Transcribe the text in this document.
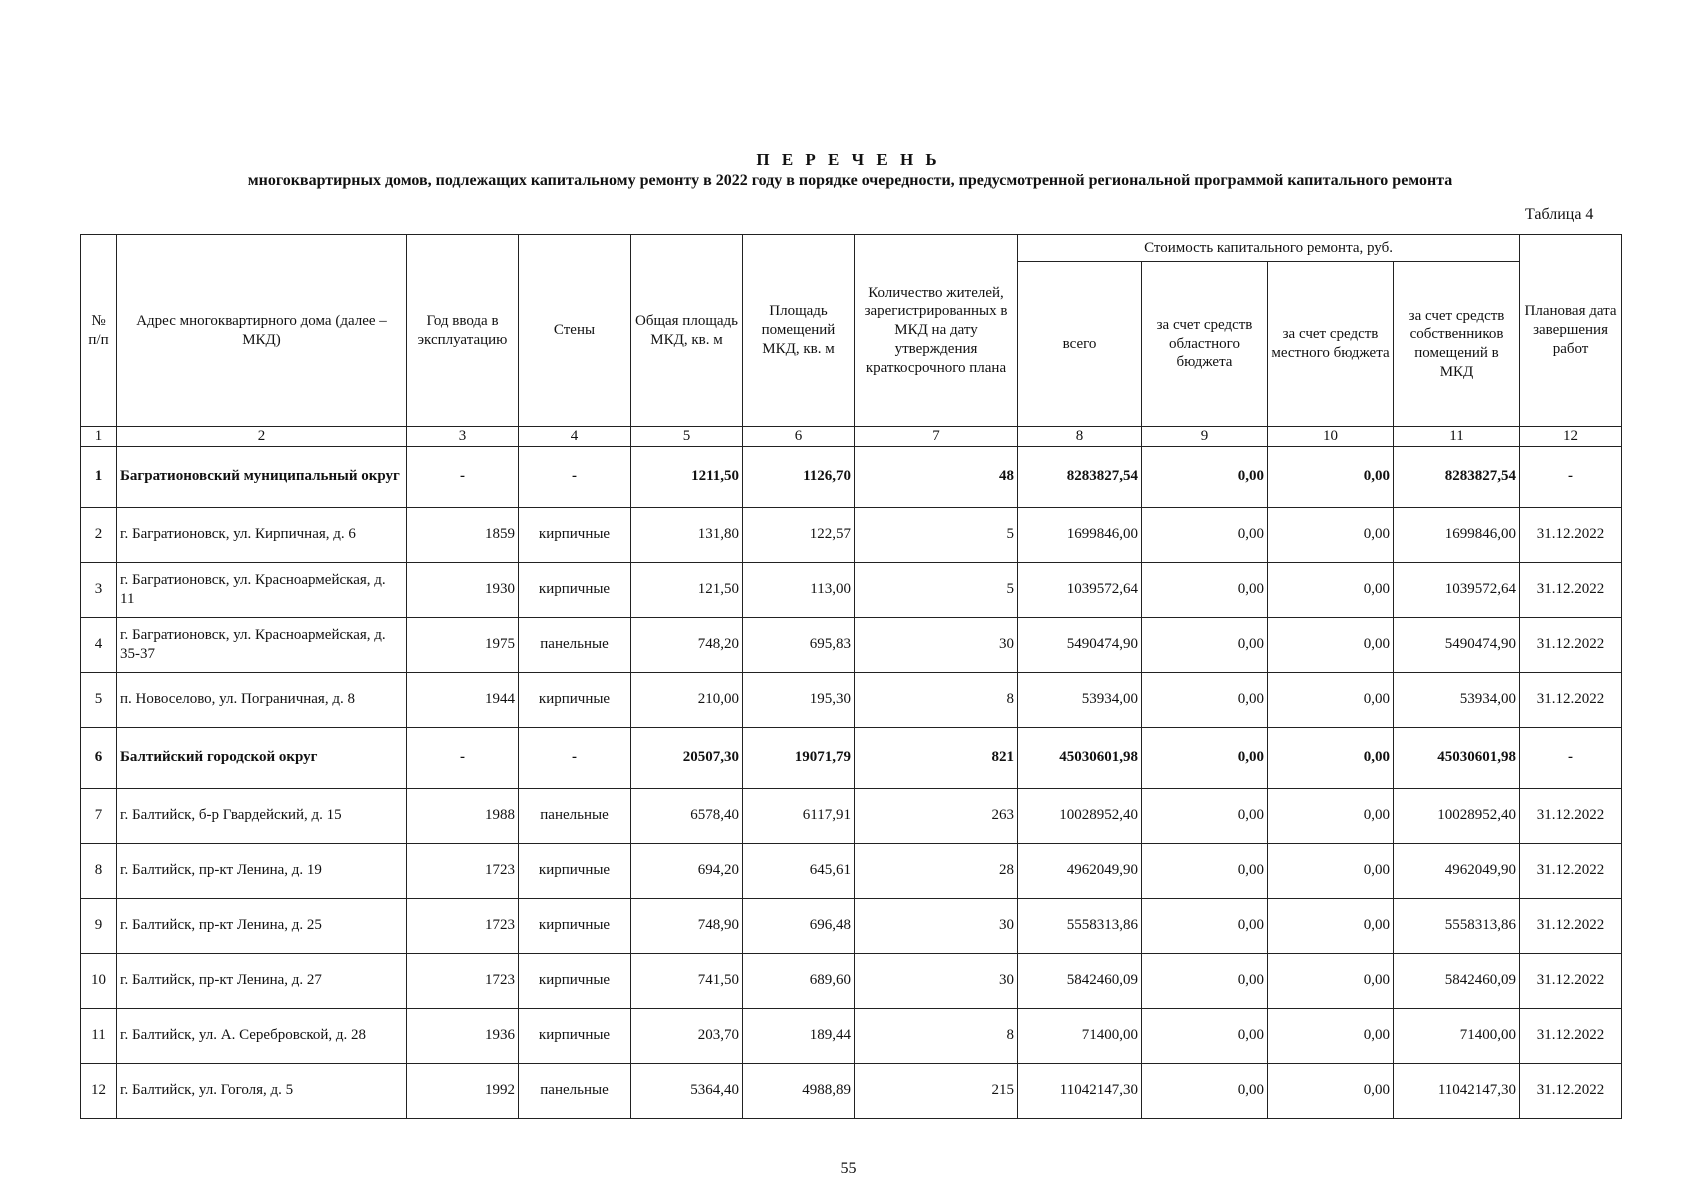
П Е Р Е Ч Е Н Ь
многоквартирных домов, подлежащих капитальному ремонту в 2022 году в порядке очередности, предусмотренной региональной программой капитального ремонта
Таблица 4
№ п/п	Адрес многоквартирного дома (далее – МКД)	Год ввода в эксплуатацию	Стены	Общая площадь МКД, кв. м	Площадь помещений МКД, кв. м	Количество жителей, зарегистрированных в МКД на дату утверждения краткосрочного плана	Стоимость капитального ремонта, руб.				Плановая дата завершения работ
							всего	за счет средств областного бюджета	за счет средств местного бюджета	за счет средств собственников помещений в МКД	
1	2	3	4	5	6	7	8	9	10	11	12
1	Багратионовский муниципальный округ	-	-	1211,50	1126,70	48	8283827,54	0,00	0,00	8283827,54	-
2	г. Багратионовск, ул. Кирпичная, д. 6	1859	кирпичные	131,80	122,57	5	1699846,00	0,00	0,00	1699846,00	31.12.2022
3	г. Багратионовск, ул. Красноармейская, д. 11	1930	кирпичные	121,50	113,00	5	1039572,64	0,00	0,00	1039572,64	31.12.2022
4	г. Багратионовск, ул. Красноармейская, д. 35-37	1975	панельные	748,20	695,83	30	5490474,90	0,00	0,00	5490474,90	31.12.2022
5	п. Новоселово, ул. Пограничная, д. 8	1944	кирпичные	210,00	195,30	8	53934,00	0,00	0,00	53934,00	31.12.2022
6	Балтийский городской округ	-	-	20507,30	19071,79	821	45030601,98	0,00	0,00	45030601,98	-
7	г. Балтийск, б-р Гвардейский, д. 15	1988	панельные	6578,40	6117,91	263	10028952,40	0,00	0,00	10028952,40	31.12.2022
8	г. Балтийск, пр-кт Ленина, д. 19	1723	кирпичные	694,20	645,61	28	4962049,90	0,00	0,00	4962049,90	31.12.2022
9	г. Балтийск, пр-кт Ленина, д. 25	1723	кирпичные	748,90	696,48	30	5558313,86	0,00	0,00	5558313,86	31.12.2022
10	г. Балтийск, пр-кт Ленина, д. 27	1723	кирпичные	741,50	689,60	30	5842460,09	0,00	0,00	5842460,09	31.12.2022
11	г. Балтийск, ул. А. Серебровской, д. 28	1936	кирпичные	203,70	189,44	8	71400,00	0,00	0,00	71400,00	31.12.2022
12	г. Балтийск, ул. Гоголя, д. 5	1992	панельные	5364,40	4988,89	215	11042147,30	0,00	0,00	11042147,30	31.12.2022
55
